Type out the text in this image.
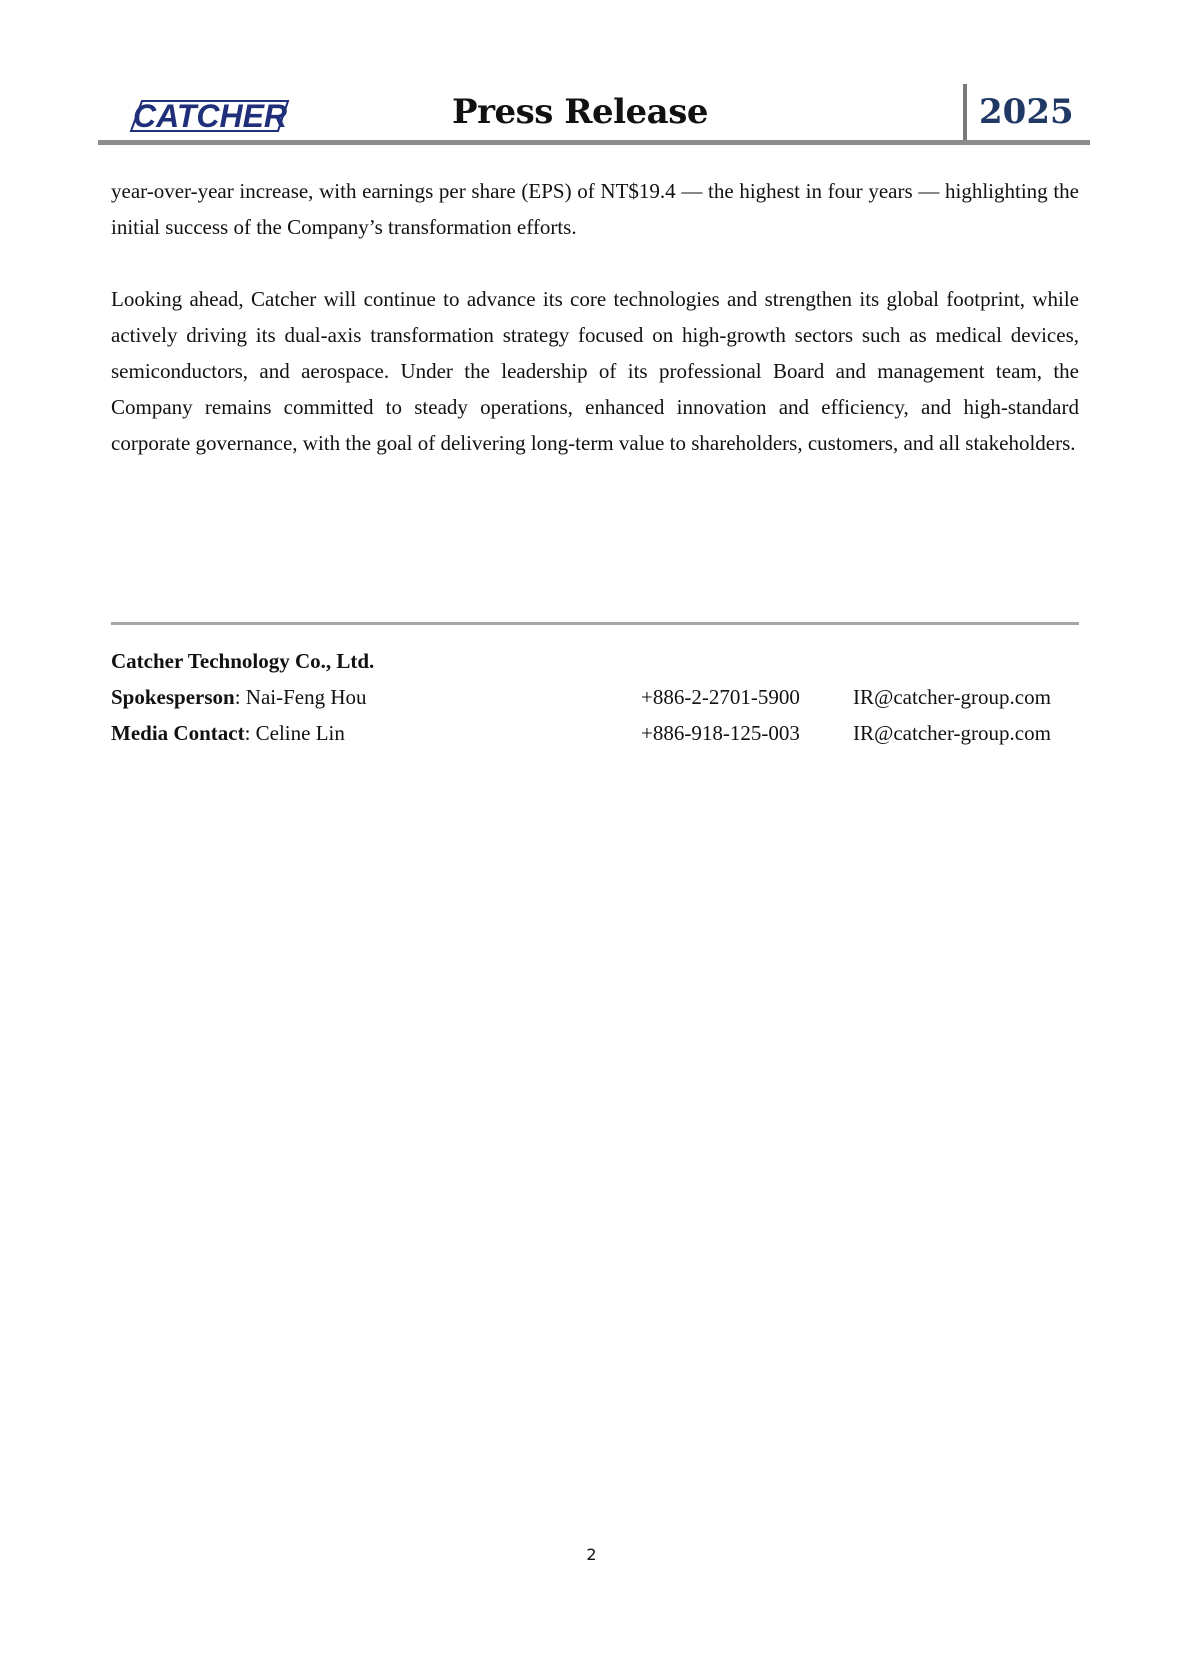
CATCHER	Press Release	2025

year-over-year increase, with earnings per share (EPS) of NT$19.4 — the highest in four years — highlighting the initial success of the Company’s transformation efforts.

Looking ahead, Catcher will continue to advance its core technologies and strengthen its global footprint, while actively driving its dual-axis transformation strategy focused on high-growth sectors such as medical devices, semiconductors, and aerospace. Under the leadership of its professional Board and management team, the Company remains committed to steady operations, enhanced innovation and efficiency, and high-standard corporate governance, with the goal of delivering long-term value to shareholders, customers, and all stakeholders.

Catcher Technology Co., Ltd.
Spokesperson: Nai-Feng Hou	+886-2-2701-5900	IR@catcher-group.com
Media Contact: Celine Lin	+886-918-125-003	IR@catcher-group.com
2
